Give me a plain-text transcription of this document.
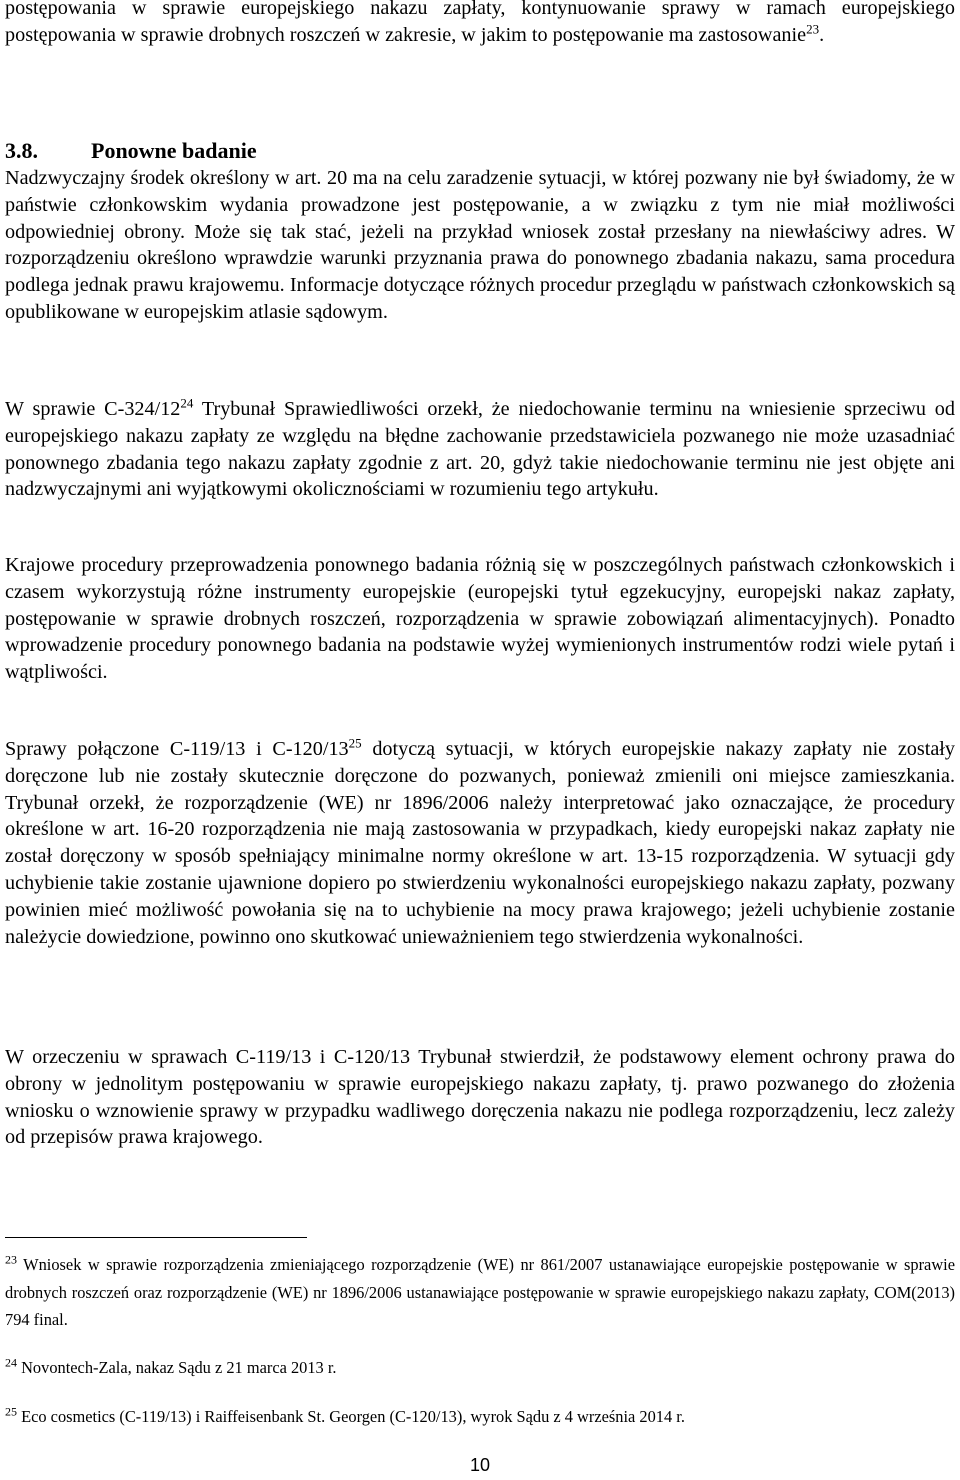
postępowania w sprawie europejskiego nakazu zapłaty, kontynuowanie sprawy w ramach europejskiego postępowania w sprawie drobnych roszczeń w zakresie, w jakim to postępowanie ma zastosowanie$^{23}$.

3.8. Ponowne badanie

Nadzwyczajny środek określony w art. 20 ma na celu zaradzenie sytuacji, w której pozwany nie był świadomy, że w państwie członkowskim wydania prowadzone jest postępowanie, a w związku z tym nie miał możliwości odpowiedniej obrony. Może się tak stać, jeżeli na przykład wniosek został przesłany na niewłaściwy adres. W rozporządzeniu określono wprawdzie warunki przyznania prawa do ponownego zbadania nakazu, sama procedura podlega jednak prawu krajowemu. Informacje dotyczące różnych procedur przeglądu w państwach członkowskich są opublikowane w europejskim atlasie sądowym.

W sprawie $C-324/12^{24}$ Trybunał Sprawiedliwości orzekł, że niedochowanie terminu na wniesienie sprzeciwu od europejskiego nakazu zapłaty ze względu na błędne zachowanie przedstawiciela pozwanego nie może uzasadniać ponownego zbadania tego nakazu zapłaty zgodnie z art. 20, gdyż takie niedochowanie terminu nie jest objęte ani nadzwyczajnymi ani wyjątkowymi okolicznościami w rozumieniu tego artykułu.

Krajowe procedury przeprowadzenia ponownego badania różnią się w poszczególnych państwach członkowskich i czasem wykorzystują różne instrumenty europejskie (europejski tytuł egzekucyjny, europejski nakaz zapłaty, postępowanie w sprawie drobnych roszczeń, rozporządzenia w sprawie zobowiązań alimentacyjnych). Ponadto wprowadzenie procedury ponownego badania na podstawie wyżej wymienionych instrumentów rodzi wiele pytań i wątpliwości.

Sprawy połączone C-119/13 i $C-120/13^{25}$ dotyczą sytuacji, w których europejskie nakazy zapłaty nie zostały doręczone lub nie zostały skutecznie doręczone do pozwanych, ponieważ zmienili oni miejsce zamieszkania. Trybunał orzekł, że rozporządzenie (WE) nr 1896/2006 należy interpretować jako oznaczające, że procedury określone w art. 16-20 rozporządzenia nie mają zastosowania w przypadkach, kiedy europejski nakaz zapłaty nie został doręczony w sposób spełniający minimalne normy określone w art. 13-15 rozporządzenia. W sytuacji gdy uchybienie takie zostanie ujawnione dopiero po stwierdzeniu wykonalności europejskiego nakazu zapłaty, pozwany powinien mieć możliwość powołania się na to uchybienie na mocy prawa krajowego; jeżeli uchybienie zostanie należycie dowiedzione, powinno ono skutkować unieważnieniem tego stwierdzenia wykonalności.

W orzeczeniu w sprawach C-119/13 i C-120/13 Trybunał stwierdził, że podstawowy element ochrony prawa do obrony w jednolitym postępowaniu w sprawie europejskiego nakazu zapłaty, tj. prawo pozwanego do złożenia wniosku o wznowienie sprawy w przypadku wadliwego doręczenia nakazu nie podlega rozporządzeniu, lecz zależy od przepisów prawa krajowego.

$^{23}$ Wniosek w sprawie rozporządzenia zmieniającego rozporządzenie (WE) nr 861/2007 ustanawiające europejskie postępowanie w sprawie drobnych roszczeń oraz rozporządzenie (WE) nr 1896/2006 ustanawiające postępowanie w sprawie europejskiego nakazu zapłaty, COM(2013) 794 final.

$^{24}$ Novontech-Zala, nakaz Sądu z 21 marca 2013 r.

$^{25}$ Eco cosmetics (C-119/13) i Raiffeisenbank St. Georgen (C-120/13), wyrok Sądu z 4 września 2014 r.

10
